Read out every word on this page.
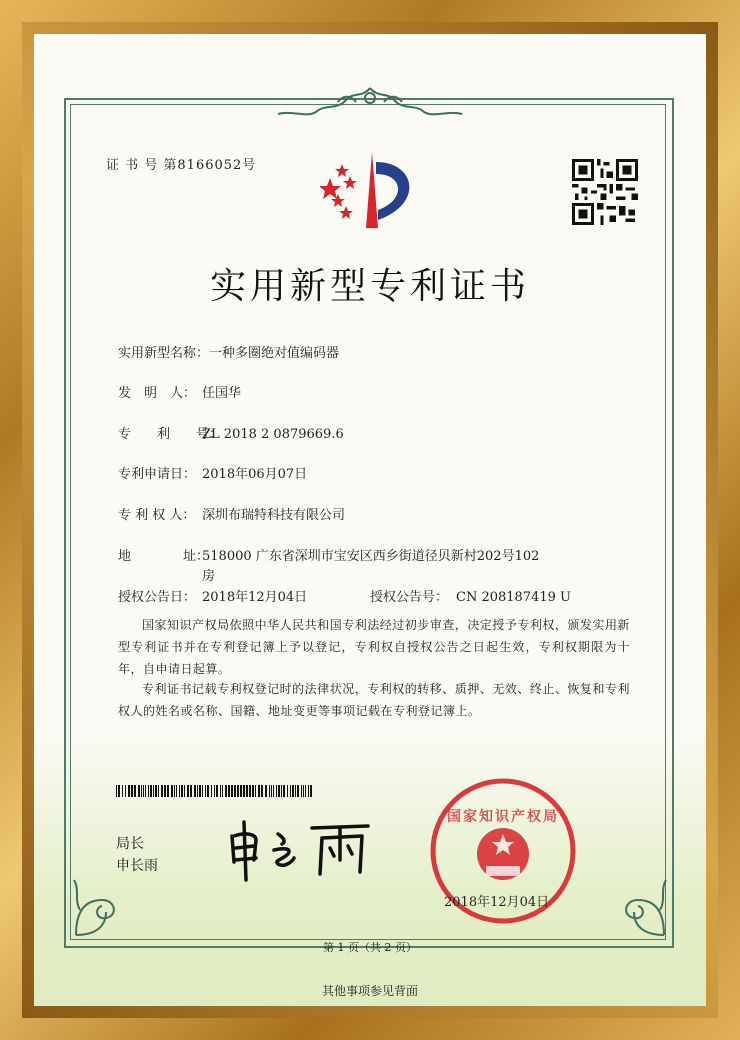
证 书 号 第8166052号
实用新型专利证书
实用新型名称：一种多圈绝对值编码器
发　明　人： 任国华
专　　利　　号：ZL 2018 2 0879669.6
专利申请日： 2018年06月07日
专 利 权 人： 深圳布瑞特科技有限公司
地　　　　址：518000 广东省深圳市宝安区西乡街道径贝新村202号102
房
授权公告日： 2018年12月04日	授权公告号： CN 208187419 U
国家知识产权局依照中华人民共和国专利法经过初步审查，决定授予专利权，颁发实用新型专利证书并在专利登记簿上予以登记，专利权自授权公告之日起生效，专利权期限为十年，自申请日起算。
专利证书记载专利权登记时的法律状况，专利权的转移、质押、无效、终止、恢复和专利权人的姓名或名称、国籍、地址变更等事项记载在专利登记簿上。
局长
申长雨
国家知识产权局
2018年12月04日
第 1 页（共 2 页）
其他事项参见背面
